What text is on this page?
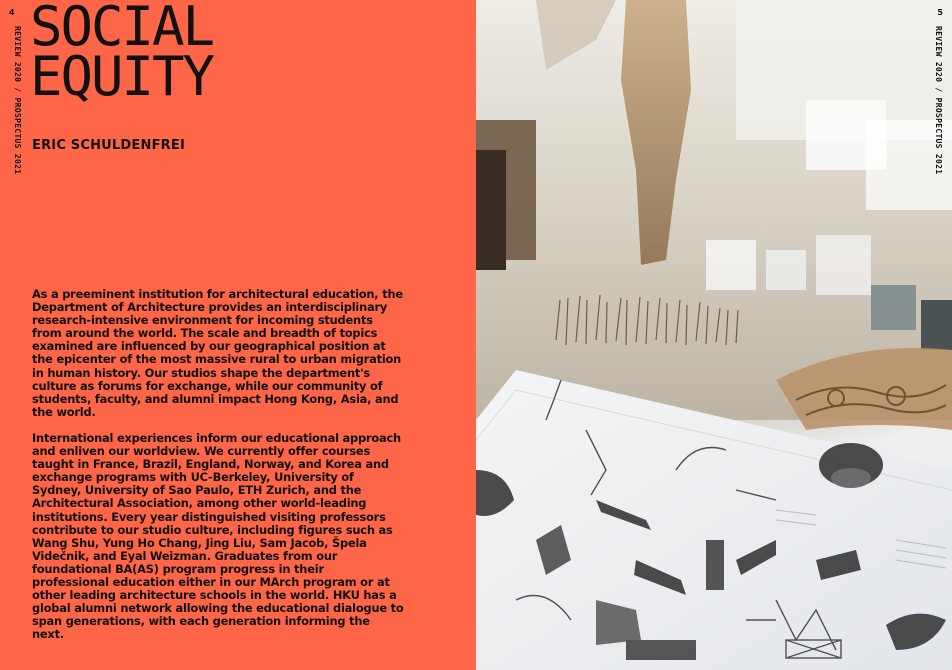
4
REVIEW 2020 / PROSPECTUS 2021 SOCIAL
EQUITY
ERIC SCHULDENFREI

As a preeminent institution for architectural education, the Department of Architecture provides an interdisciplinary research-intensive environment for incoming students from around the world. The scale and breadth of topics examined are influenced by our geographical position at the epicenter of the most massive rural to urban migration in human history. Our studios shape the department's culture as forums for exchange, while our community of students, faculty, and alumni impact Hong Kong, Asia, and the world.

International experiences inform our educational approach and enliven our worldview. We currently offer courses taught in France, Brazil, England, Norway, and Korea and exchange programs with UC-Berkeley, University of Sydney, University of Sao Paulo, ETH Zurich, and the Architectural Association, among other world-leading institutions. Every year distinguished visiting professors contribute to our studio culture, including figures such as Wang Shu, Yung Ho Chang, Jing Liu, Sam Jacob, Špela Videčnik, and Eyal Weizman. Graduates from our foundational BA(AS) program progress in their professional education either in our MArch program or at other leading architecture schools in the world. HKU has a global alumni network allowing the educational dialogue to span generations, with each generation informing the next.

5
REVIEW 2020 / PROSPECTUS 2021
